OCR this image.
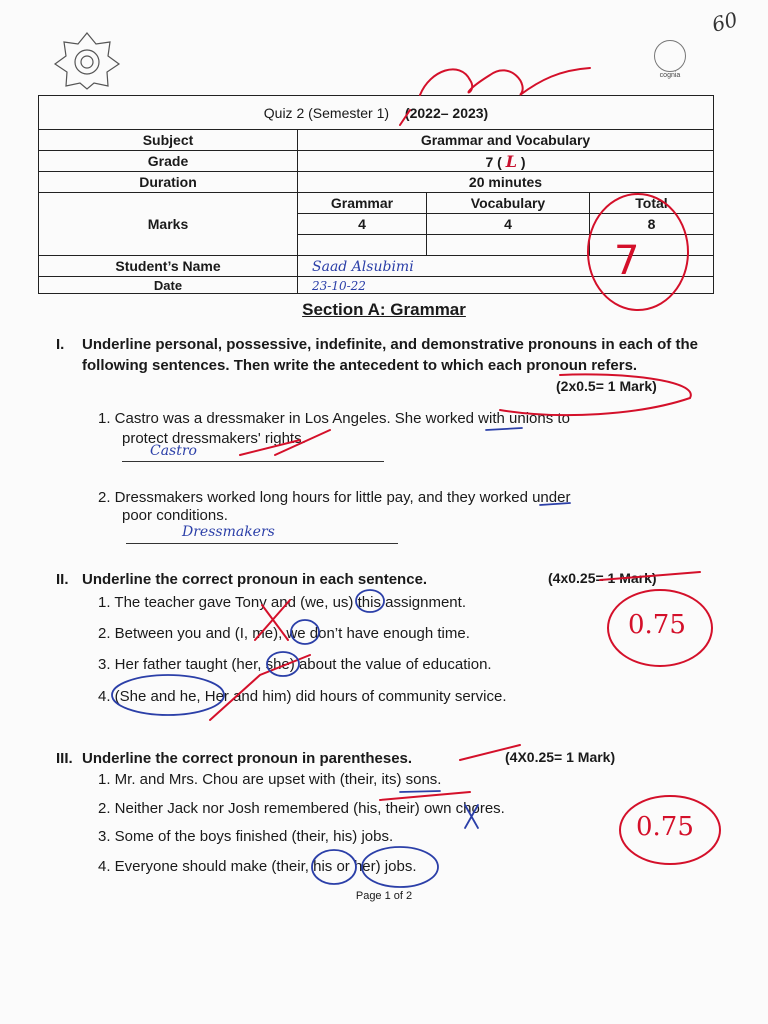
cognia
60
Quiz 2 (Semester 1) (2022– 2023)			
Subject	Grammar and Vocabulary		
Grade	7 ( L )		
Duration	20 minutes		
Marks	Grammar	Vocabulary	Total
	4	4	8

Student’s Name	Saad Alsubimi		
Date	23-10-22		
Section A: Grammar
I. Underline personal, possessive, indefinite, and demonstrative pronouns in each of the following sentences. Then write the antecedent to which each pronoun refers.
(2x0.5= 1 Mark)
1. Castro was a dressmaker in Los Angeles. She worked with unions to
protect dressmakers' rights.
Castro
2. Dressmakers worked long hours for little pay, and they worked under
poor conditions.
Dressmakers
II. Underline the correct pronoun in each sentence.	(4x0.25= 1 Mark)
1. The teacher gave Tony and (we, us) this assignment.
2. Between you and (I, me), we don’t have enough time.
3. Her father taught (her, she) about the value of education.
4. (She and he, Her and him) did hours of community service.
III. Underline the correct pronoun in parentheses.	(4X0.25= 1 Mark)
1. Mr. and Mrs. Chou are upset with (their, its) sons.
2. Neither Jack nor Josh remembered (his, their) own chores.
3. Some of the boys finished (their, his) jobs.
4. Everyone should make (their, his or her) jobs.
Page 1 of 2
7
0.75
0.75
